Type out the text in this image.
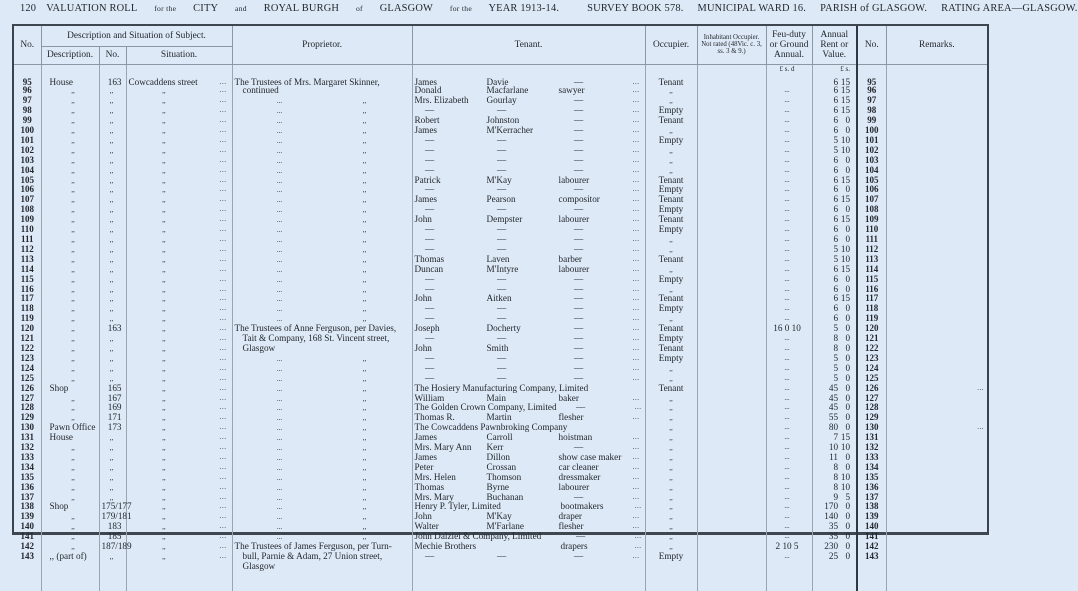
120 VALUATION ROLL for the CITY and ROYAL BURGH of GLASGOW for the YEAR 1913-14.	SURVEY BOOK 578. MUNICIPAL WARD 16. PARISH of GLASGOW. RATING AREA—GLASGOW.
No.	Description and Situation of Subject.			Proprietor.	Tenant.	Occupier.	Inhabitant Occupier. Not rated (48Vic. c. 3, ss. 3 & 9.)	Feu-duty or Ground Annual.	Annual Rent or Value.	No.	Remarks.
	Description.	No.	Situation.								
								£ s. d	£ s.		
95	House	163	Cowcaddens street ...	The Trustees of Mrs. Margaret Skinner,	James Davie — ...	Tenant			6 15	95	
96	,,	,,	,, ...	continued	Donald Macfarlane sawyer ...	,,		...	6 15	96	
97	,,	,,	,, ...	... ,,	Mrs. Elizabeth Gourlay — ...	,,		...	6 15	97	
98	,,	,,	,, ...	... ,,	— — — ...	Empty		...	6 15	98	
99	,,	,,	,, ...	... ,,	Robert Johnston — ...	Tenant		...	6 0	99	
100	,,	,,	,, ...	... ,,	James M'Kerracher — ...	,,		...	6 0	100	
101	,,	,,	,, ...	... ,,	— — — ...	Empty		...	5 10	101	
102	,,	,,	,, ...	... ,,	— — — ...	,,		...	5 10	102	
103	,,	,,	,, ...	... ,,	— — — ...	,,		...	6 0	103	
104	,,	,,	,, ...	... ,,	— — — ...	,,		...	6 0	104	
105	,,	,,	,, ...	... ,,	Patrick M'Kay labourer ...	Tenant		...	6 15	105	
106	,,	,,	,, ...	... ,,	— — — ...	Empty		...	6 0	106	
107	,,	,,	,, ...	... ,,	James Pearson compositor ...	Tenant		...	6 15	107	
108	,,	,,	,, ...	... ,,	— — — ...	Empty		...	6 0	108	
109	,,	,,	,, ...	... ,,	John Dempster labourer ...	Tenant		...	6 15	109	
110	,,	,,	,, ...	... ,,	— — — ...	Empty		...	6 0	110	
111	,,	,,	,, ...	... ,,	— — — ...	,,		...	6 0	111	
112	,,	,,	,, ...	... ,,	— — — ...	,,		...	5 10	112	
113	,,	,,	,, ...	... ,,	Thomas Laven barber ...	Tenant		...	5 10	113	
114	,,	,,	,, ...	... ,,	Duncan M'Intyre labourer ...	,,		...	6 15	114	
115	,,	,,	,, ...	... ,,	— — — ...	Empty		...	6 0	115	
116	,,	,,	,, ...	... ,,	— — — ...	,,		...	6 0	116	
117	,,	,,	,, ...	... ,,	John Aitken — ...	Tenant		...	6 15	117	
118	,,	,,	,, ...	... ,,	— — — ...	Empty		...	6 0	118	
119	,,	,,	,, ...	... ,,	— — — ...	,,		...	6 0	119	
120	,,	163	,, ...	The Trustees of Anne Ferguson, per Davies,	Joseph Docherty — ...	Tenant		16 0 10	5 0	120	
121	,,	,,	,, ...	Tait & Company, 168 St. Vincent street,	— — — ...	Empty		...	8 0	121	
122	,,	,,	,, ...	Glasgow	John Smith — ...	Tenant		...	8 0	122	
123	,,	,,	,, ...	... ,,	— — — ...	Empty		...	5 0	123	
124	,,	,,	,, ...	... ,,	— — — ...	,,		...	5 0	124	
125	,,	,,	,, ...	... ,,	— — — ...	,,		...	5 0	125	
126	Shop	165	,, ...	... ,,	The Hosiery Manufacturing Company, Limited ...	Tenant		...	45 0	126	
127	,,	167	,, ...	... ,,	William Main baker ...	,,		...	45 0	127	
128	,,	169	,, ...	... ,,	The Golden Crown Company, Limited — ...	,,		...	45 0	128	
129	,,	171	,, ...	... ,,	Thomas R. Martin flesher ...	,,		...	55 0	129	
130	Pawn Office	173	,, ...	... ,,	The Cowcaddens Pawnbroking Company ...	,,		...	80 0	130	
131	House	,,	,, ...	... ,,	James Carroll hoistman ...	,,		...	7 15	131	
132	,,	,,	,, ...	... ,,	Mrs. Mary Ann Kerr — ...	,,		...	10 10	132	
133	,,	,,	,, ...	... ,,	James Dillon show case maker ...	,,		...	11 0	133	
134	,,	,,	,, ...	... ,,	Peter Crossan car cleaner ...	,,		...	8 0	134	
135	,,	,,	,, ...	... ,,	Mrs. Helen Thomson dressmaker ...	,,		...	8 10	135	
136	,,	,,	,, ...	... ,,	Thomas Byrne labourer ...	,,		...	8 10	136	
137	,,	,,	,, ...	... ,,	Mrs. Mary Buchanan — ...	,,		...	9 5	137	
138	Shop	175/177	,, ...	... ,,	Henry P. Tyler, Limited bootmakers ...	,,		...	170 0	138	
139	,,	179/181	,, ...	... ,,	John M'Kay draper ...	,,		...	140 0	139	
140	,,	183	,, ...	... ,,	Walter M'Farlane flesher ...	,,		...	35 0	140	
141	,,	185	,, ...	... ,,	John Dalziel & Company, Limited — ...	,,		...	35 0	141	
142	,,	187/189	,, ...	The Trustees of James Ferguson, per Turn-	Mechie Brothers drapers ...	,,		2 10 5	230 0	142	
143	,, (part of)	,,	,, ...	bull, Parnie & Adam, 27 Union street,	— — — ...	Empty		...	25 0	143	

				Glasgow							
